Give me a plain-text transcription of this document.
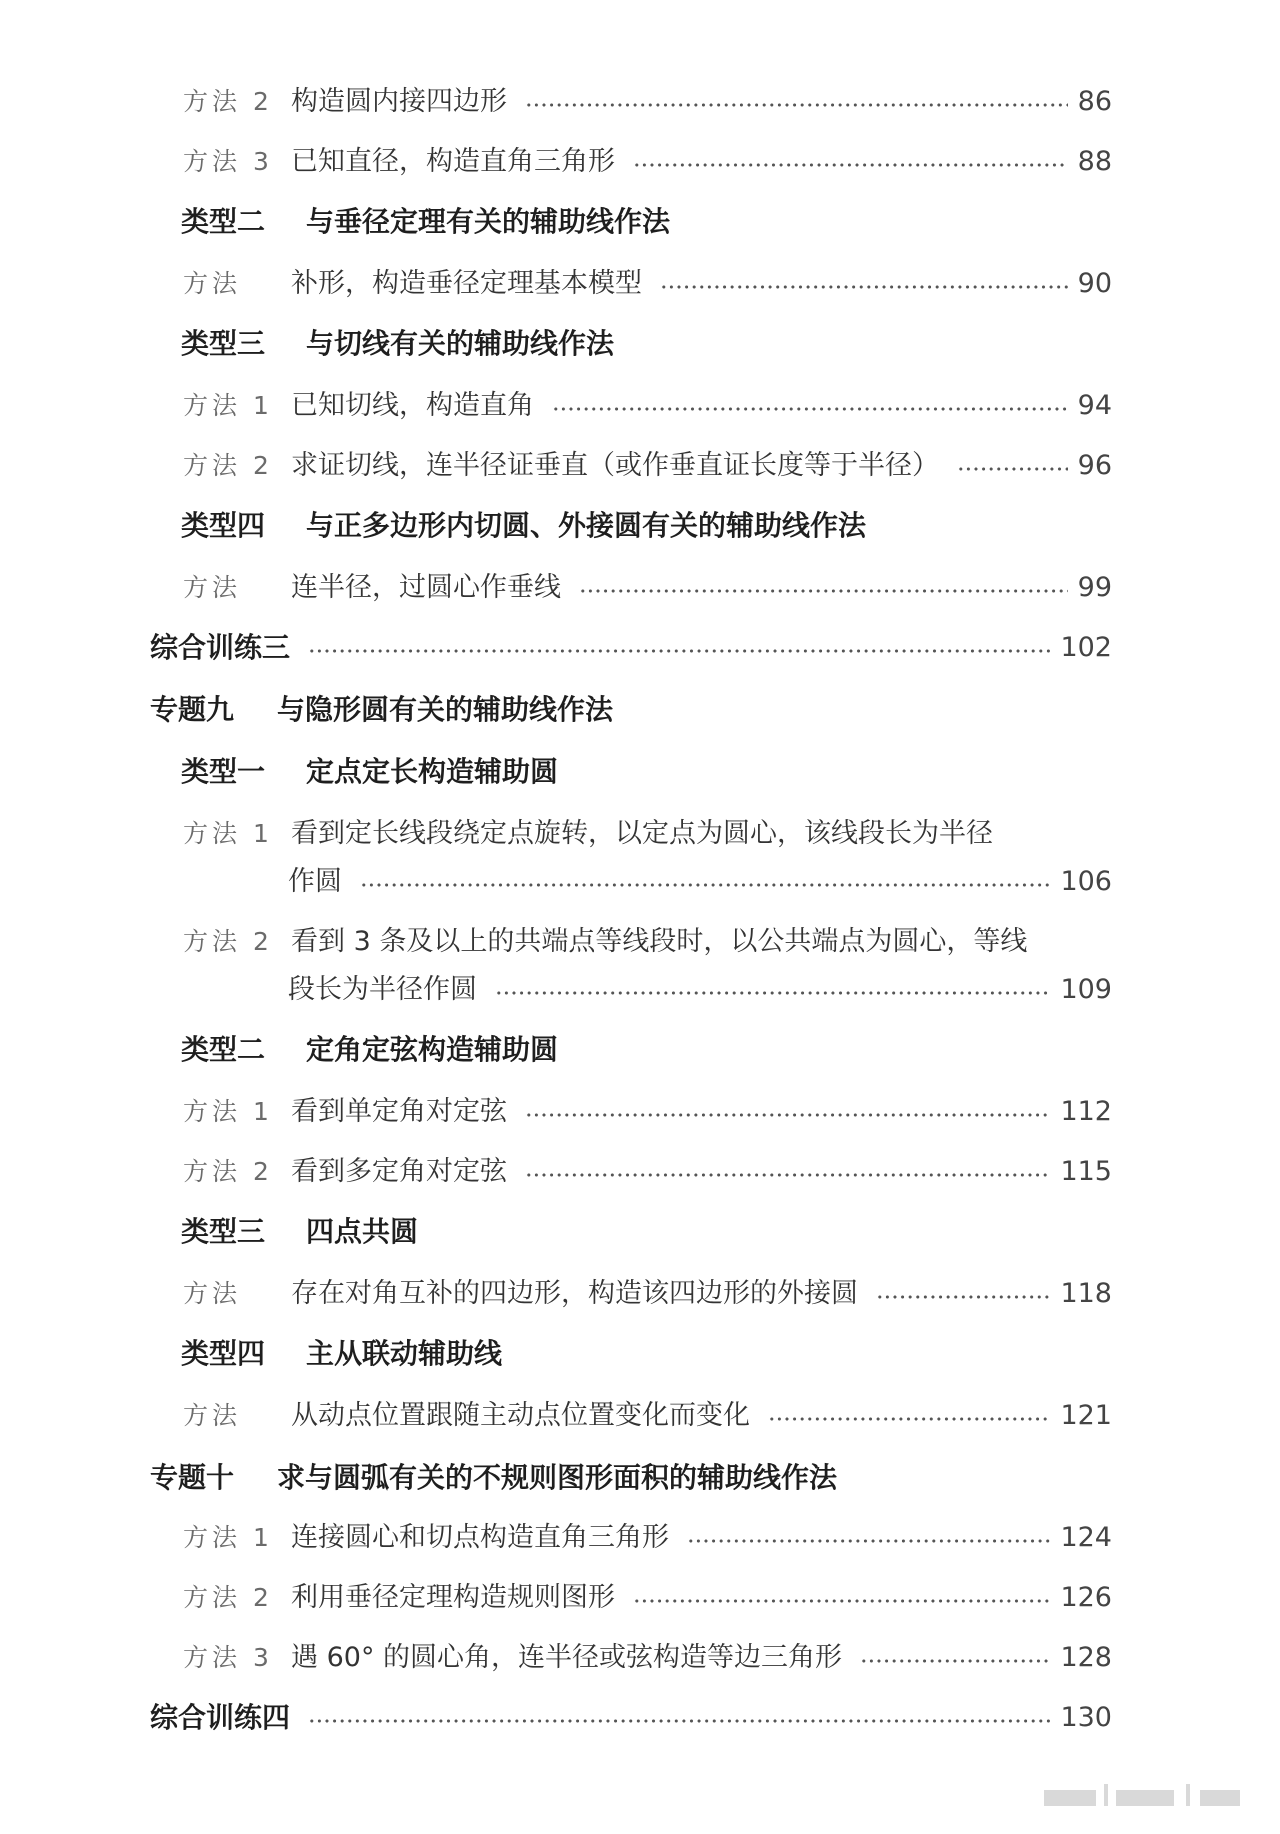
方法 2 构造圆内接四边形	86
方法 3 已知直径，构造直角三角形	88
类型二	与垂径定理有关的辅助线作法
方法	补形，构造垂径定理基本模型	90
类型三	与切线有关的辅助线作法
方法 1 已知切线，构造直角	94
方法 2 求证切线，连半径证垂直（或作垂直证长度等于半径）	96
类型四	与正多边形内切圆、外接圆有关的辅助线作法
方法	连半径，过圆心作垂线	99
综合训练三	102
专题九	与隐形圆有关的辅助线作法
类型一	定点定长构造辅助圆
方法 1 看到定长线段绕定点旋转，以定点为圆心，该线段长为半径
作圆	106
方法 2 看到 3 条及以上的共端点等线段时，以公共端点为圆心，等线
段长为半径作圆	109
类型二	定角定弦构造辅助圆
方法 1 看到单定角对定弦	112
方法 2 看到多定角对定弦	115
类型三	四点共圆
方法	存在对角互补的四边形，构造该四边形的外接圆	118
类型四	主从联动辅助线
方法	从动点位置跟随主动点位置变化而变化	121
专题十	求与圆弧有关的不规则图形面积的辅助线作法
方法 1 连接圆心和切点构造直角三角形	124
方法 2 利用垂径定理构造规则图形	126
方法 3 遇 60° 的圆心角，连半径或弦构造等边三角形	128
综合训练四	130
